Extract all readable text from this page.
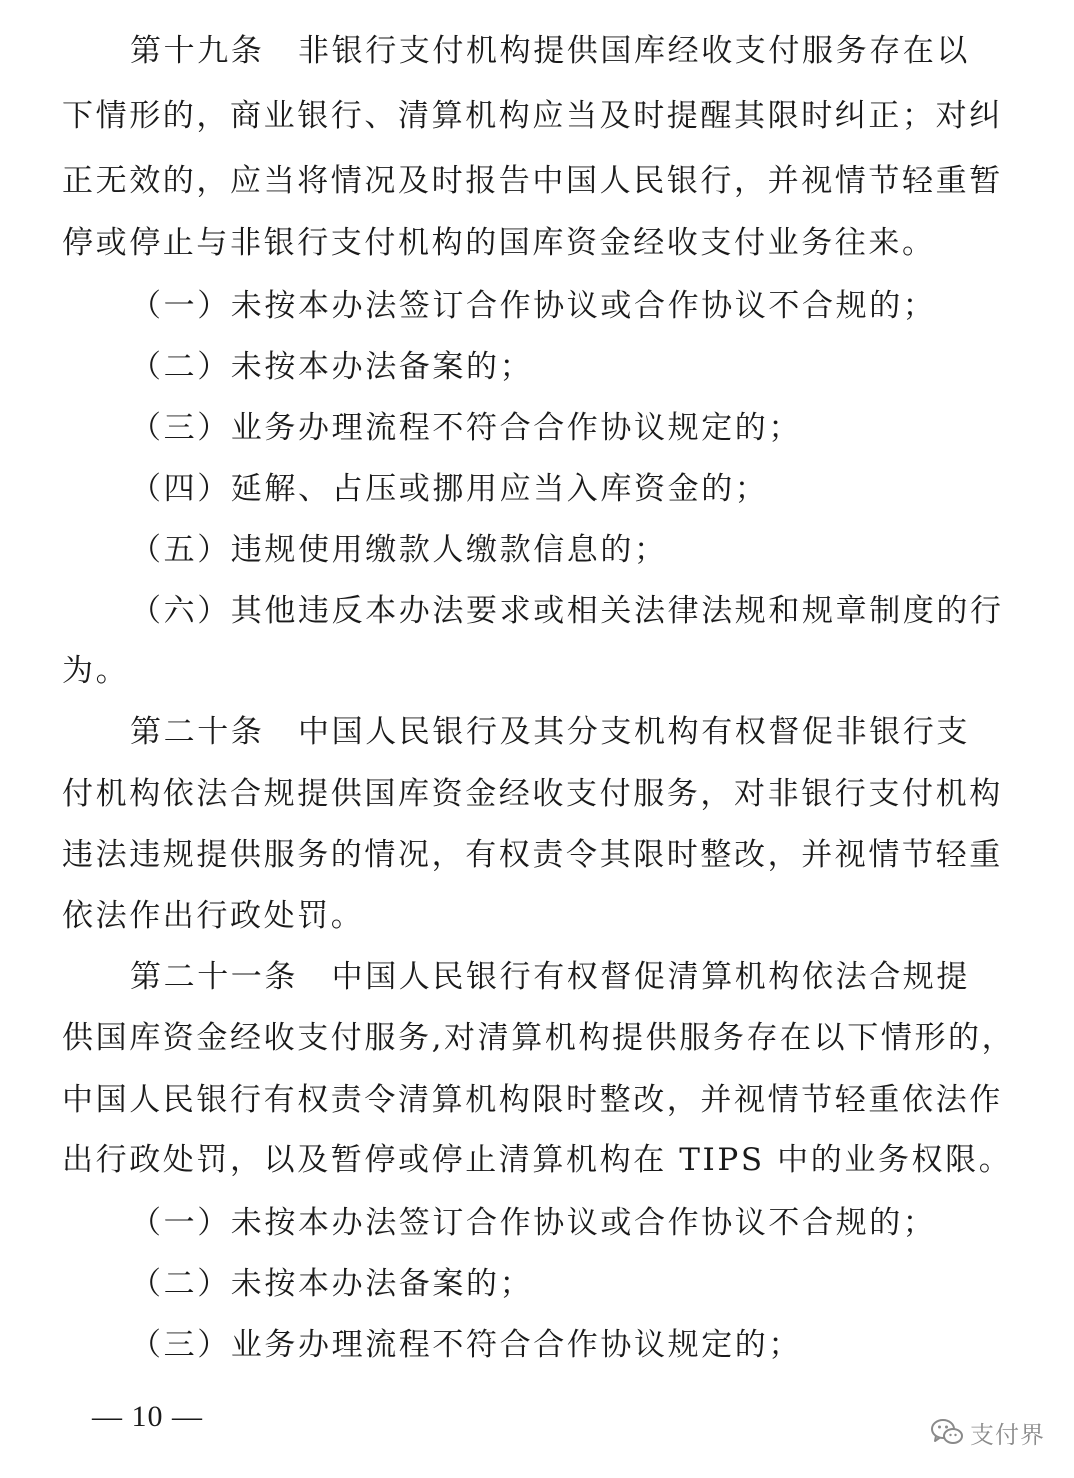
第十九条　非银行支付机构提供国库经收支付服务存在以
下情形的，商业银行、清算机构应当及时提醒其限时纠正；对纠
正无效的，应当将情况及时报告中国人民银行，并视情节轻重暂
停或停止与非银行支付机构的国库资金经收支付业务往来。
（一）未按本办法签订合作协议或合作协议不合规的；
（二）未按本办法备案的；
（三）业务办理流程不符合合作协议规定的；
（四）延解、占压或挪用应当入库资金的；
（五）违规使用缴款人缴款信息的；
（六）其他违反本办法要求或相关法律法规和规章制度的行
为。
第二十条　中国人民银行及其分支机构有权督促非银行支
付机构依法合规提供国库资金经收支付服务，对非银行支付机构
违法违规提供服务的情况，有权责令其限时整改，并视情节轻重
依法作出行政处罚。
第二十一条　中国人民银行有权督促清算机构依法合规提
供国库资金经收支付服务,对清算机构提供服务存在以下情形的，
中国人民银行有权责令清算机构限时整改，并视情节轻重依法作
出行政处罚，以及暂停或停止清算机构在 TIPS 中的业务权限。
（一）未按本办法签订合作协议或合作协议不合规的；
（二）未按本办法备案的；
（三）业务办理流程不符合合作协议规定的；
— 10 —
支付界
